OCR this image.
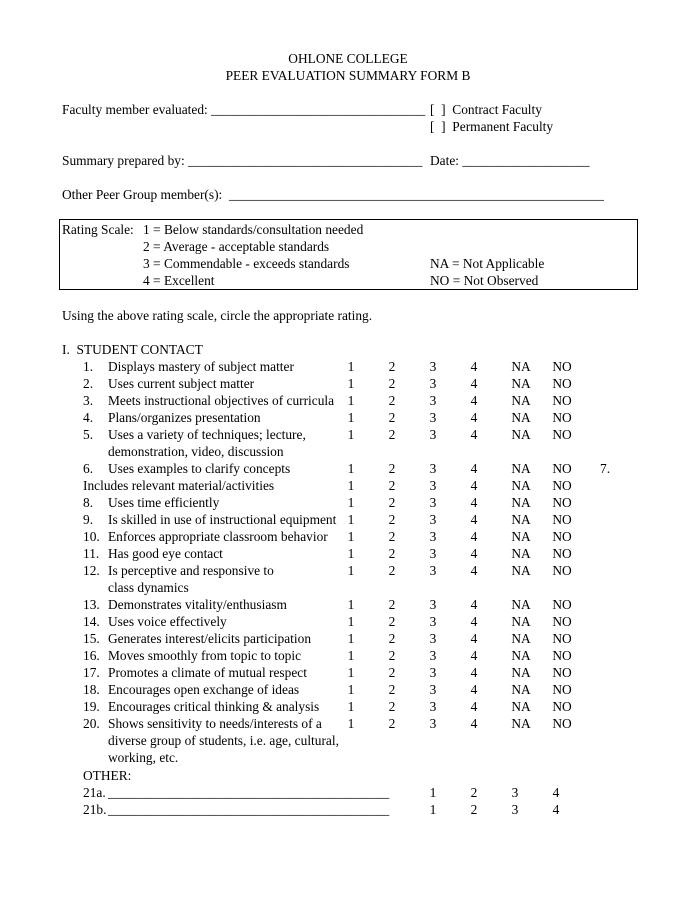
OHLONE COLLEGE
PEER EVALUATION SUMMARY FORM B
Faculty member evaluated: ________________________________ [  ]  Contract Faculty
[  ]  Permanent Faculty
Summary prepared by: ___________________________________ Date: ___________________
Other Peer Group member(s):  ________________________________________________________
Rating Scale: 1 = Below standards/consultation needed
2 = Average - acceptable standards
3 = Commendable - exceeds standards
4 = Excellent
NA = Not Applicable
NO = Not Observed
Using the above rating scale, circle the appropriate rating.
I.  STUDENT CONTACT
1. Displays mastery of subject matter	1	2	3	4	NA	NO
2. Uses current subject matter	1	2	3	4	NA	NO
3. Meets instructional objectives of curricula	1	2	3	4	NA	NO
4. Plans/organizes presentation	1	2	3	4	NA	NO
5. Uses a variety of techniques; lecture,
demonstration, video, discussion
1	2	3	4	NA	NO
6. Uses examples to clarify concepts	1	2	3	4	NA	NO	7.
Includes relevant material/activities	1	2	3	4	NA	NO
8. Uses time efficiently	1	2	3	4	NA	NO
9. Is skilled in use of instructional equipment 1	2	3	4	NA	NO
10. Enforces appropriate classroom behavior	1	2	3	4	NA	NO
11. Has good eye contact	1	2	3	4	NA	NO
12. Is perceptive and responsive to
class dynamics
1	2	3	4	NA	NO
13. Demonstrates vitality/enthusiasm	1	2	3	4	NA	NO
14. Uses voice effectively	1	2	3	4	NA	NO
15. Generates interest/elicits participation	1	2	3	4	NA	NO
16. Moves smoothly from topic to topic	1	2	3	4	NA	NO
17. Promotes a climate of mutual respect	1	2	3	4	NA	NO
18. Encourages open exchange of ideas	1	2	3	4	NA	NO
19. Encourages critical thinking & analysis	1	2	3	4	NA	NO
20. Shows sensitivity to needs/interests of a
diverse group of students, i.e. age, cultural,
working, etc.
1	2	3	4	NA	NO
OTHER:
21a. __________________________________________	1	2	3	4
21b. __________________________________________	1	2	3	4
